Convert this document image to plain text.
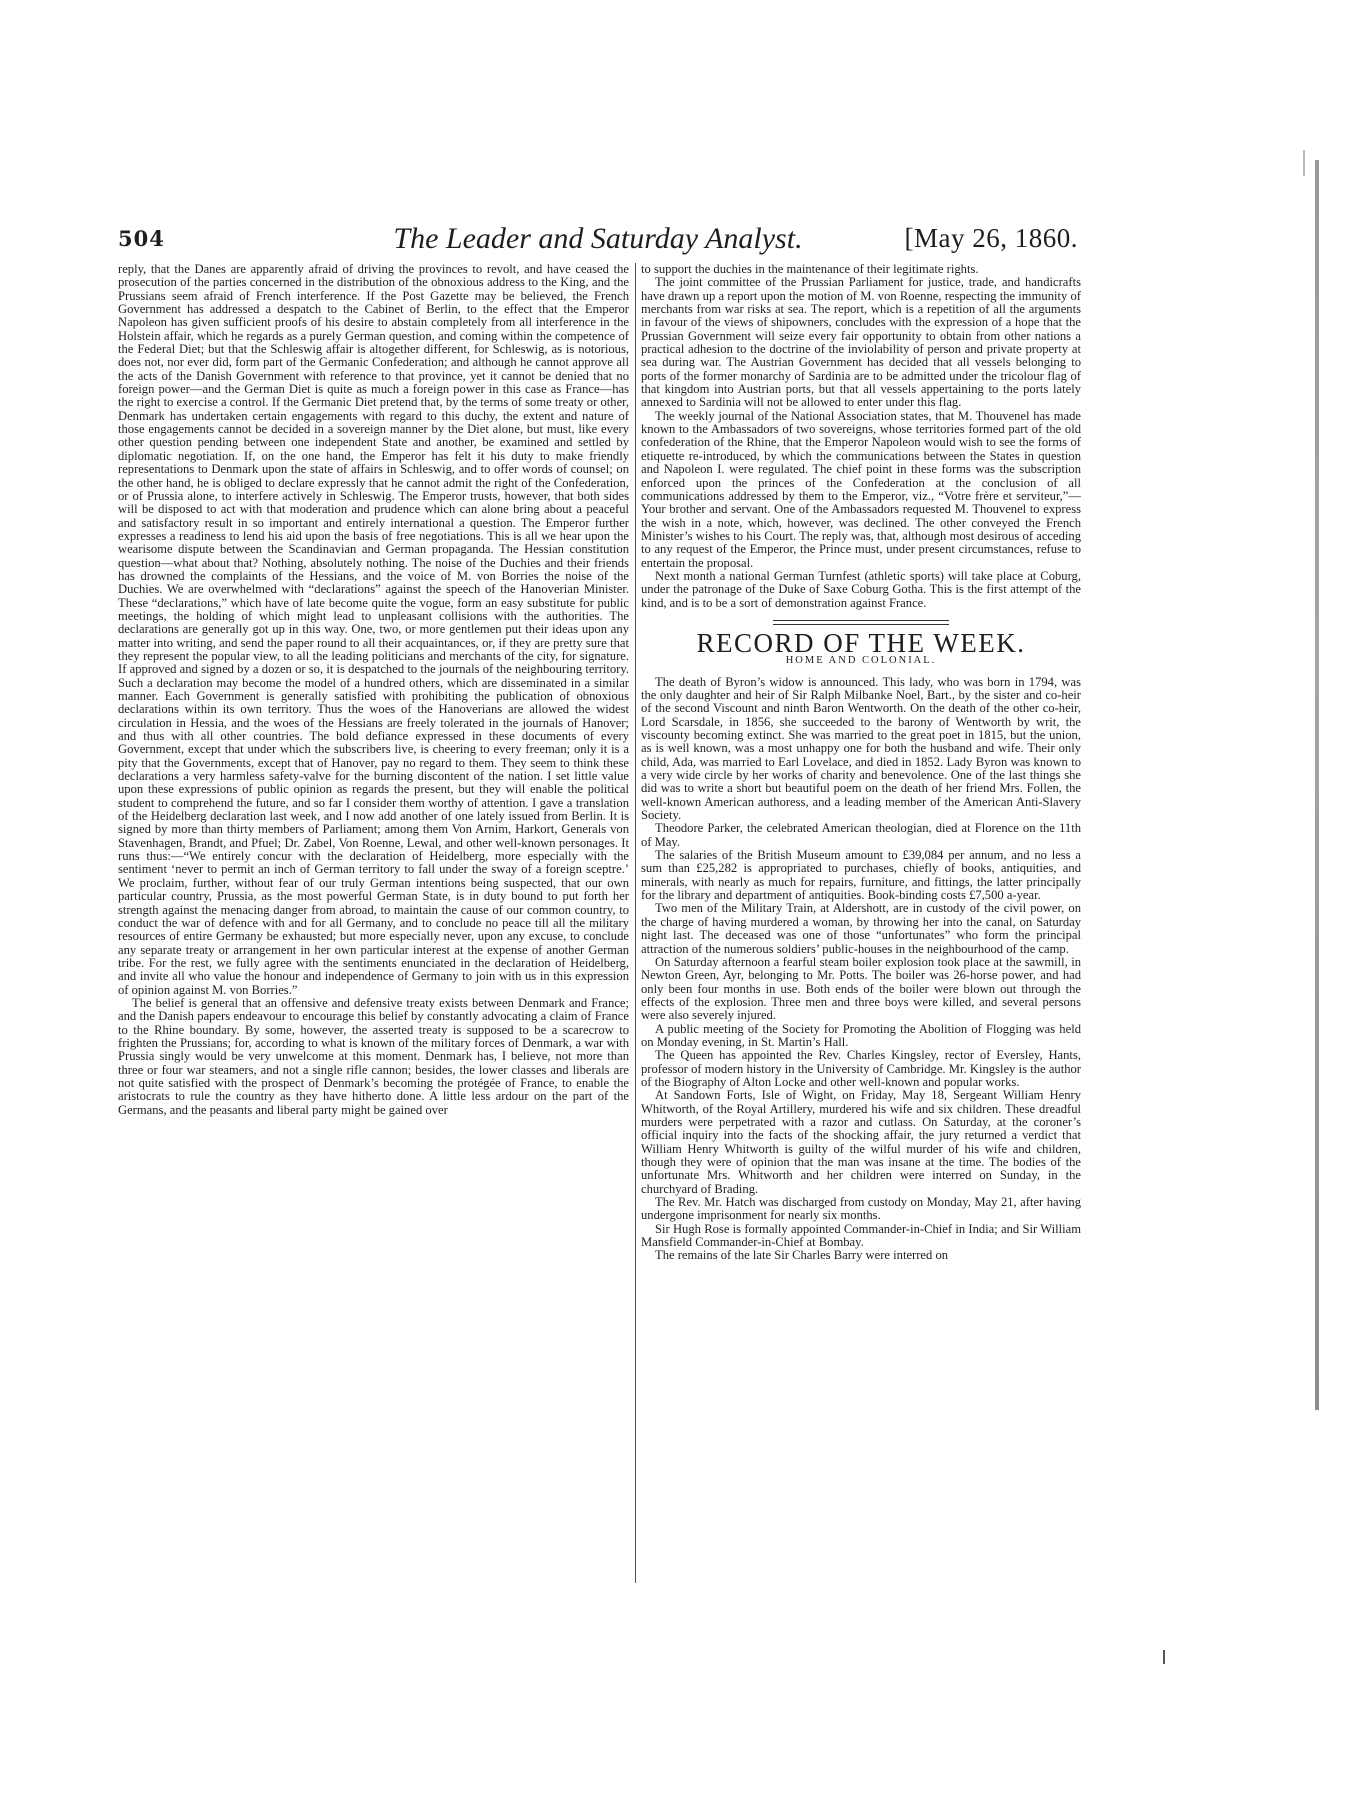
504	The Leader and Saturday Analyst.	[May 26, 1860.

reply, that the Danes are apparently afraid of driving the provinces to revolt, and have ceased the prosecution of the parties concerned in the distribution of the obnoxious address to the King, and the Prussians seem afraid of French interference. If the Post Gazette may be believed, the French Government has addressed a despatch to the Cabinet of Berlin, to the effect that the Emperor Napoleon has given sufficient proofs of his desire to abstain completely from all interference in the Holstein affair, which he regards as a purely German question, and coming within the competence of the Federal Diet; but that the Schleswig affair is altogether different, for Schleswig, as is notorious, does not, nor ever did, form part of the Germanic Confederation; and although he cannot approve all the acts of the Danish Government with reference to that province, yet it cannot be denied that no foreign power—and the German Diet is quite as much a foreign power in this case as France—has the right to exercise a control. If the Germanic Diet pretend that, by the terms of some treaty or other, Denmark has undertaken certain engagements with regard to this duchy, the extent and nature of those engagements cannot be decided in a sovereign manner by the Diet alone, but must, like every other question pending between one independent State and another, be examined and settled by diplomatic negotiation. If, on the one hand, the Emperor has felt it his duty to make friendly representations to Denmark upon the state of affairs in Schleswig, and to offer words of counsel; on the other hand, he is obliged to declare expressly that he cannot admit the right of the Confederation, or of Prussia alone, to interfere actively in Schleswig. The Emperor trusts, however, that both sides will be disposed to act with that moderation and prudence which can alone bring about a peaceful and satisfactory result in so important and entirely international a question. The Emperor further expresses a readiness to lend his aid upon the basis of free negotiations. This is all we hear upon the wearisome dispute between the Scandinavian and German propaganda. The Hessian constitution question—what about that? Nothing, absolutely nothing. The noise of the Duchies and their friends has drowned the complaints of the Hessians, and the voice of M. von Borries the noise of the Duchies. We are overwhelmed with “declarations” against the speech of the Hanoverian Minister. These “declarations,” which have of late become quite the vogue, form an easy substitute for public meetings, the holding of which might lead to unpleasant collisions with the authorities. The declarations are generally got up in this way. One, two, or more gentlemen put their ideas upon any matter into writing, and send the paper round to all their acquaintances, or, if they are pretty sure that they represent the popular view, to all the leading politicians and merchants of the city, for signature. If approved and signed by a dozen or so, it is despatched to the journals of the neighbouring territory. Such a declaration may become the model of a hundred others, which are disseminated in a similar manner. Each Government is generally satisfied with prohibiting the publication of obnoxious declarations within its own territory. Thus the woes of the Hanoverians are allowed the widest circulation in Hessia, and the woes of the Hessians are freely tolerated in the journals of Hanover; and thus with all other countries. The bold defiance expressed in these documents of every Government, except that under which the subscribers live, is cheering to every freeman; only it is a pity that the Governments, except that of Hanover, pay no regard to them. They seem to think these declarations a very harmless safety-valve for the burning discontent of the nation. I set little value upon these expressions of public opinion as regards the present, but they will enable the political student to comprehend the future, and so far I consider them worthy of attention. I gave a translation of the Heidelberg declaration last week, and I now add another of one lately issued from Berlin. It is signed by more than thirty members of Parliament; among them Von Arnim, Harkort, Generals von Stavenhagen, Brandt, and Pfuel; Dr. Zabel, Von Roenne, Lewal, and other well-known personages. It runs thus:—“We entirely concur with the declaration of Heidelberg, more especially with the sentiment ‘never to permit an inch of German territory to fall under the sway of a foreign sceptre.’ We proclaim, further, without fear of our truly German intentions being suspected, that our own particular country, Prussia, as the most powerful German State, is in duty bound to put forth her strength against the menacing danger from abroad, to maintain the cause of our common country, to conduct the war of defence with and for all Germany, and to conclude no peace till all the military resources of entire Germany be exhausted; but more especially never, upon any excuse, to conclude any separate treaty or arrangement in her own particular interest at the expense of another German tribe. For the rest, we fully agree with the sentiments enunciated in the declaration of Heidelberg, and invite all who value the honour and independence of Germany to join with us in this expression of opinion against M. von Borries.”

The belief is general that an offensive and defensive treaty exists between Denmark and France; and the Danish papers endeavour to encourage this belief by constantly advocating a claim of France to the Rhine boundary. By some, however, the asserted treaty is supposed to be a scarecrow to frighten the Prussians; for, according to what is known of the military forces of Denmark, a war with Prussia singly would be very unwelcome at this moment. Denmark has, I believe, not more than three or four war steamers, and not a single rifle cannon; besides, the lower classes and liberals are not quite satisfied with the prospect of Denmark’s becoming the protégée of France, to enable the aristocrats to rule the country as they have hitherto done. A little less ardour on the part of the Germans, and the peasants and liberal party might be gained over

to support the duchies in the maintenance of their legitimate rights.

The joint committee of the Prussian Parliament for justice, trade, and handicrafts have drawn up a report upon the motion of M. von Roenne, respecting the immunity of merchants from war risks at sea. The report, which is a repetition of all the arguments in favour of the views of shipowners, concludes with the expression of a hope that the Prussian Government will seize every fair opportunity to obtain from other nations a practical adhesion to the doctrine of the inviolability of person and private property at sea during war. The Austrian Government has decided that all vessels belonging to ports of the former monarchy of Sardinia are to be admitted under the tricolour flag of that kingdom into Austrian ports, but that all vessels appertaining to the ports lately annexed to Sardinia will not be allowed to enter under this flag.

The weekly journal of the National Association states, that M. Thouvenel has made known to the Ambassadors of two sovereigns, whose territories formed part of the old confederation of the Rhine, that the Emperor Napoleon would wish to see the forms of etiquette re-introduced, by which the communications between the States in question and Napoleon I. were regulated. The chief point in these forms was the subscription enforced upon the princes of the Confederation at the conclusion of all communications addressed by them to the Emperor, viz., “Votre frère et serviteur,”—Your brother and servant. One of the Ambassadors requested M. Thouvenel to express the wish in a note, which, however, was declined. The other conveyed the French Minister’s wishes to his Court. The reply was, that, although most desirous of acceding to any request of the Emperor, the Prince must, under present circumstances, refuse to entertain the proposal.

Next month a national German Turnfest (athletic sports) will take place at Coburg, under the patronage of the Duke of Saxe Coburg Gotha. This is the first attempt of the kind, and is to be a sort of demonstration against France.

RECORD OF THE WEEK.
HOME AND COLONIAL.

The death of Byron’s widow is announced. This lady, who was born in 1794, was the only daughter and heir of Sir Ralph Milbanke Noel, Bart., by the sister and co-heir of the second Viscount and ninth Baron Wentworth. On the death of the other co-heir, Lord Scarsdale, in 1856, she succeeded to the barony of Wentworth by writ, the viscounty becoming extinct. She was married to the great poet in 1815, but the union, as is well known, was a most unhappy one for both the husband and wife. Their only child, Ada, was married to Earl Lovelace, and died in 1852. Lady Byron was known to a very wide circle by her works of charity and benevolence. One of the last things she did was to write a short but beautiful poem on the death of her friend Mrs. Follen, the well-known American authoress, and a leading member of the American Anti-Slavery Society.

Theodore Parker, the celebrated American theologian, died at Florence on the 11th of May.

The salaries of the British Museum amount to £39,084 per annum, and no less a sum than £25,282 is appropriated to purchases, chiefly of books, antiquities, and minerals, with nearly as much for repairs, furniture, and fittings, the latter principally for the library and department of antiquities. Book-binding costs £7,500 a-year.

Two men of the Military Train, at Aldershott, are in custody of the civil power, on the charge of having murdered a woman, by throwing her into the canal, on Saturday night last. The deceased was one of those “unfortunates” who form the principal attraction of the numerous soldiers’ public-houses in the neighbourhood of the camp.

On Saturday afternoon a fearful steam boiler explosion took place at the sawmill, in Newton Green, Ayr, belonging to Mr. Potts. The boiler was 26-horse power, and had only been four months in use. Both ends of the boiler were blown out through the effects of the explosion. Three men and three boys were killed, and several persons were also severely injured.

A public meeting of the Society for Promoting the Abolition of Flogging was held on Monday evening, in St. Martin’s Hall.

The Queen has appointed the Rev. Charles Kingsley, rector of Eversley, Hants, professor of modern history in the University of Cambridge. Mr. Kingsley is the author of the Biography of Alton Locke and other well-known and popular works.

At Sandown Forts, Isle of Wight, on Friday, May 18, Sergeant William Henry Whitworth, of the Royal Artillery, murdered his wife and six children. These dreadful murders were perpetrated with a razor and cutlass. On Saturday, at the coroner’s official inquiry into the facts of the shocking affair, the jury returned a verdict that William Henry Whitworth is guilty of the wilful murder of his wife and children, though they were of opinion that the man was insane at the time. The bodies of the unfortunate Mrs. Whitworth and her children were interred on Sunday, in the churchyard of Brading.

The Rev. Mr. Hatch was discharged from custody on Monday, May 21, after having undergone imprisonment for nearly six months.

Sir Hugh Rose is formally appointed Commander-in-Chief in India; and Sir William Mansfield Commander-in-Chief at Bombay.

The remains of the late Sir Charles Barry were interred on
